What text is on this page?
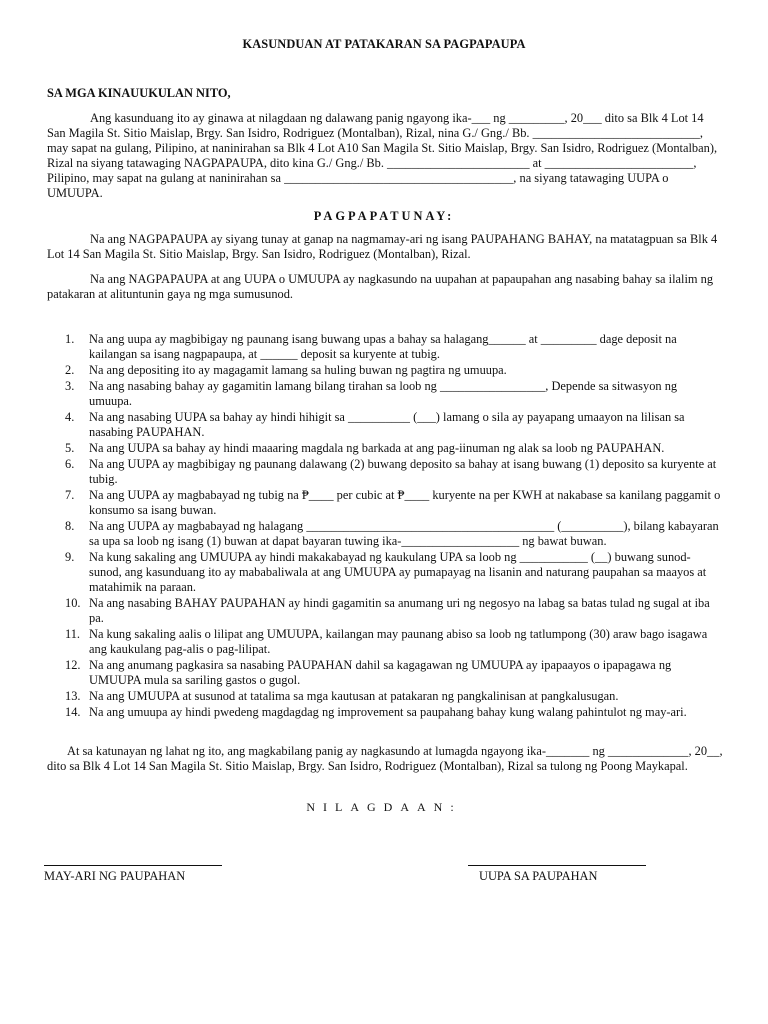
KASUNDUAN AT PATAKARAN SA PAGPAPAUPA
SA MGA KINAUUKULAN NITO,

Ang kasunduang ito ay ginawa at nilagdaan ng dalawang panig ngayong ika-___ ng _________, 20___ dito sa Blk 4 Lot 14 San Magila St. Sitio Maislap, Brgy. San Isidro, Rodriguez (Montalban), Rizal, nina G./ Gng./ Bb. ___________________________, may sapat na gulang, Pilipino, at naninirahan sa Blk 4 Lot A10 San Magila St. Sitio Maislap, Brgy. San Isidro, Rodriguez (Montalban), Rizal na siyang tatawaging NAGPAPAUPA, dito kina G./ Gng./ Bb. _______________________ at ________________________, Pilipino, may sapat na gulang at naninirahan sa _____________________________________, na siyang tatawaging UUPA o UMUUPA.

PAGPAPATUNAY:

Na ang NAGPAPAUPA ay siyang tunay at ganap na nagmamay-ari ng isang PAUPAHANG BAHAY, na matatagpuan sa Blk 4 Lot 14 San Magila St. Sitio Maislap, Brgy. San Isidro, Rodriguez (Montalban), Rizal.

Na ang NAGPAPAUPA at ang UUPA o UMUUPA ay nagkasundo na uupahan at papaupahan ang nasabing bahay sa ilalim ng patakaran at alituntunin gaya ng mga sumusunod.

1. Na ang uupa ay magbibigay ng paunang isang buwang upas a bahay sa halagang______ at _________ dage deposit na kailangan sa isang nagpapaupa, at ______ deposit sa kuryente at tubig.
2. Na ang depositing ito ay magagamit lamang sa huling buwan ng pagtira ng umuupa.
3. Na ang nasabing bahay ay gagamitin lamang bilang tirahan sa loob ng _________________, Depende sa sitwasyon ng umuupa.
4. Na ang nasabing UUPA sa bahay ay hindi hihigit sa __________ (___) lamang o sila ay payapang umaayon na lilisan sa nasabing PAUPAHAN.
5. Na ang UUPA sa bahay ay hindi maaaring magdala ng barkada at ang pag-iinuman ng alak sa loob ng PAUPAHAN.
6. Na ang UUPA ay magbibigay ng paunang dalawang (2) buwang deposito sa bahay at isang buwang (1) deposito sa kuryente at tubig.
7. Na ang UUPA ay magbabayad ng tubig na ₱____ per cubic at ₱____ kuryente na per KWH at nakabase sa kanilang paggamit o konsumo sa isang buwan.
8. Na ang UUPA ay magbabayad ng halagang ________________________________________ (__________), bilang kabayaran sa upa sa loob ng isang (1) buwan at dapat bayaran tuwing ika-___________________ ng bawat buwan.
9. Na kung sakaling ang UMUUPA ay hindi makakabayad ng kaukulang UPA sa loob ng ___________ (__) buwang sunod-sunod, ang kasunduang ito ay mababaliwala at ang UMUUPA ay pumapayag na lisanin and naturang paupahan sa maayos at matahimik na paraan.
10. Na ang nasabing BAHAY PAUPAHAN ay hindi gagamitin sa anumang uri ng negosyo na labag sa batas tulad ng sugal at iba pa.
11. Na kung sakaling aalis o lilipat ang UMUUPA, kailangan may paunang abiso sa loob ng tatlumpong (30) araw bago isagawa ang kaukulang pag-alis o pag-lilipat.
12. Na ang anumang pagkasira sa nasabing PAUPAHAN dahil sa kagagawan ng UMUUPA ay ipapaayos o ipapagawa ng UMUUPA mula sa sariling gastos o gugol.
13. Na ang UMUUPA at susunod at tatalima sa mga kautusan at patakaran ng pangkalinisan at pangkalusugan.
14. Na ang umuupa ay hindi pwedeng magdagdag ng improvement sa paupahang bahay kung walang pahintulot ng may-ari.

At sa katunayan ng lahat ng ito, ang magkabilang panig ay nagkasundo at lumagda ngayong ika-_______ ng _____________, 20__, dito sa Blk 4 Lot 14 San Magila St. Sitio Maislap, Brgy. San Isidro, Rodriguez (Montalban), Rizal sa tulong ng Poong Maykapal.

NILAGDAAN:
MAY-ARI NG PAUPAHAN	UUPA SA PAUPAHAN
